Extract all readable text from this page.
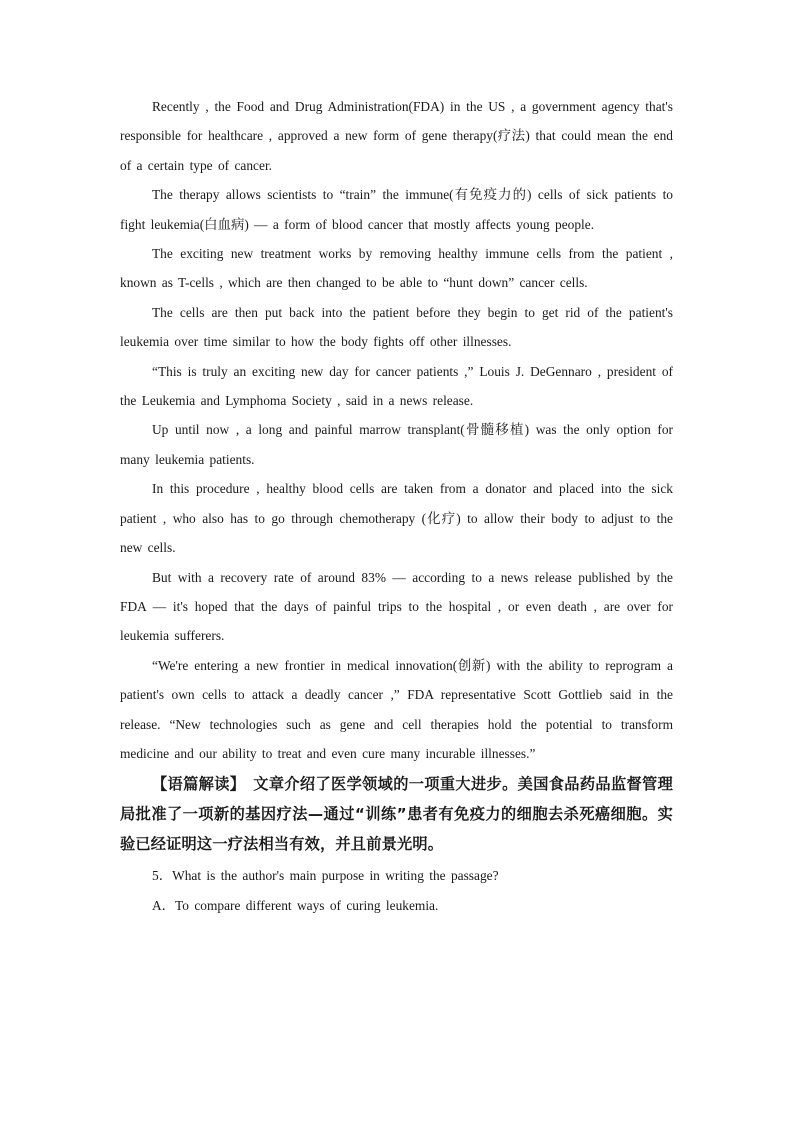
Recently , the Food and Drug Administration(FDA) in the US , a government agency that's responsible for healthcare , approved a new form of gene therapy(疗法) that could mean the end of a certain type of cancer.

The therapy allows scientists to “train” the immune(有免疫力的) cells of sick patients to fight leukemia(白血病) — a form of blood cancer that mostly affects young people.

The exciting new treatment works by removing healthy immune cells from the patient , known as T-cells , which are then changed to be able to “hunt down” cancer cells.

The cells are then put back into the patient before they begin to get rid of the patient's leukemia over time similar to how the body fights off other illnesses.

“This is truly an exciting new day for cancer patients ,” Louis J. DeGennaro , president of the Leukemia and Lymphoma Society , said in a news release.

Up until now , a long and painful marrow transplant(骨髓移植) was the only option for many leukemia patients.

In this procedure , healthy blood cells are taken from a donator and placed into the sick patient , who also has to go through chemotherapy (化疗) to allow their body to adjust to the new cells.

But with a recovery rate of around 83% — according to a news release published by the FDA — it's hoped that the days of painful trips to the hospital , or even death , are over for leukemia sufferers.

“We're entering a new frontier in medical innovation(创新) with the ability to reprogram a patient's own cells to attack a deadly cancer ,” FDA representative Scott Gottlieb said in the release. “New technologies such as gene and cell therapies hold the potential to transform medicine and our ability to treat and even cure many incurable illnesses.”

【语篇解读】　文章介绍了医学领域的一项重大进步。美国食品药品监督管理局批准了一项新的基因疗法—通过“训练”患者有免疫力的细胞去杀死癌细胞。实验已经证明这一疗法相当有效，并且前景光明。

5．What is the author's main purpose in writing the passage?

A．To compare different ways of curing leukemia.
